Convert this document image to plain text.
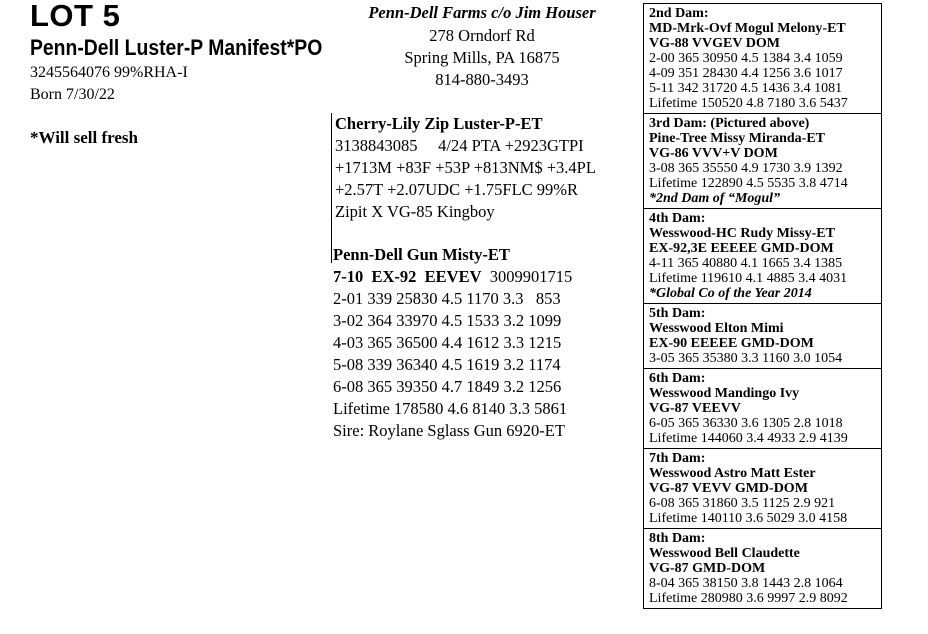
LOT 5
Penn-Dell Luster-P Manifest*PO
3245564076 99%RHA-I
Born 7/30/22
*Will sell fresh
Penn-Dell Farms c/o Jim Houser
278 Orndorf Rd
Spring Mills, PA 16875
814-880-3493
Cherry-Lily Zip Luster-P-ET
3138843085     4/24 PTA +2923GTPI
+1713M +83F +53P +813NM$ +3.4PL
+2.57T +2.07UDC +1.75FLC 99%R
Zipit X VG-85 Kingboy
Penn-Dell Gun Misty-ET
7-10  EX-92  EEVEV  3009901715
2-01 339 25830 4.5 1170 3.3   853
3-02 364 33970 4.5 1533 3.2 1099
4-03 365 36500 4.4 1612 3.3 1215
5-08 339 36340 4.5 1619 3.2 1174
6-08 365 39350 4.7 1849 3.2 1256
Lifetime 178580 4.6 8140 3.3 5861
Sire: Roylane Sglass Gun 6920-ET
2nd Dam:
MD-Mrk-Ovf Mogul Melony-ET
VG-88 VVGEV DOM
2-00 365 30950 4.5 1384 3.4 1059
4-09 351 28430 4.4 1256 3.6 1017
5-11 342 31720 4.5 1436 3.4 1081
Lifetime 150520 4.8 7180 3.6 5437
3rd Dam: (Pictured above)
Pine-Tree Missy Miranda-ET
VG-86 VVV+V DOM
3-08 365 35550 4.9 1730 3.9 1392
Lifetime 122890 4.5 5535 3.8 4714
*2nd Dam of “Mogul”
4th Dam:
Wesswood-HC Rudy Missy-ET
EX-92,3E EEEEE GMD-DOM
4-11 365 40880 4.1 1665 3.4 1385
Lifetime 119610 4.1 4885 3.4 4031
*Global Co of the Year 2014
5th Dam:
Wesswood Elton Mimi
EX-90 EEEEE GMD-DOM
3-05 365 35380 3.3 1160 3.0 1054
6th Dam:
Wesswood Mandingo Ivy
VG-87 VEEVV
6-05 365 36330 3.6 1305 2.8 1018
Lifetime 144060 3.4 4933 2.9 4139
7th Dam:
Wesswood Astro Matt Ester
VG-87 VEVV GMD-DOM
6-08 365 31860 3.5 1125 2.9 921
Lifetime 140110 3.6 5029 3.0 4158
8th Dam:
Wesswood Bell Claudette
VG-87 GMD-DOM
8-04 365 38150 3.8 1443 2.8 1064
Lifetime 280980 3.6 9997 2.9 8092
